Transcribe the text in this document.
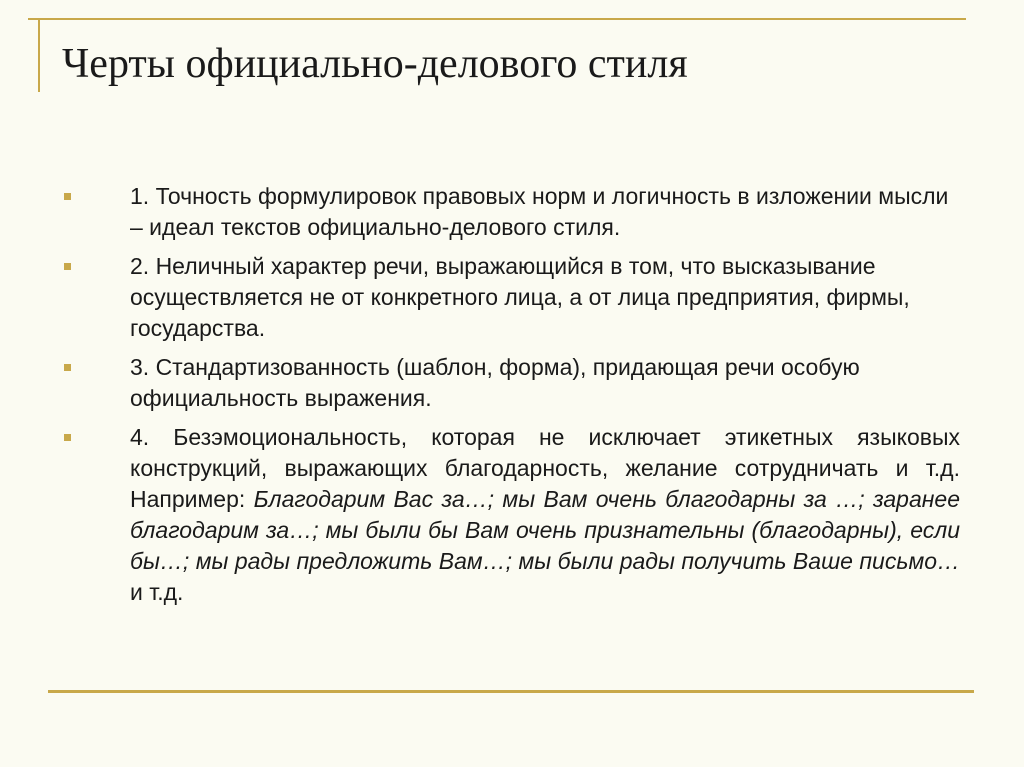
Черты официально-делового стиля
1. Точность формулировок правовых норм и логичность в изложении мысли – идеал текстов официально-делового стиля.
2. Неличный характер речи, выражающийся в том, что высказывание осуществляется не от конкретного лица, а от лица предприятия, фирмы, государства.
3. Стандартизованность (шаблон, форма), придающая речи особую официальность выражения.
4. Безэмоциональность, которая не исключает этикетных языковых конструкций, выражающих благодарность, желание сотрудничать и т.д. Например: Благодарим Вас за…; мы Вам очень благодарны за …; заранее благодарим за…; мы были бы Вам очень признательны (благодарны), если бы…; мы рады предложить Вам…; мы были рады получить Ваше письмо… и т.д.
